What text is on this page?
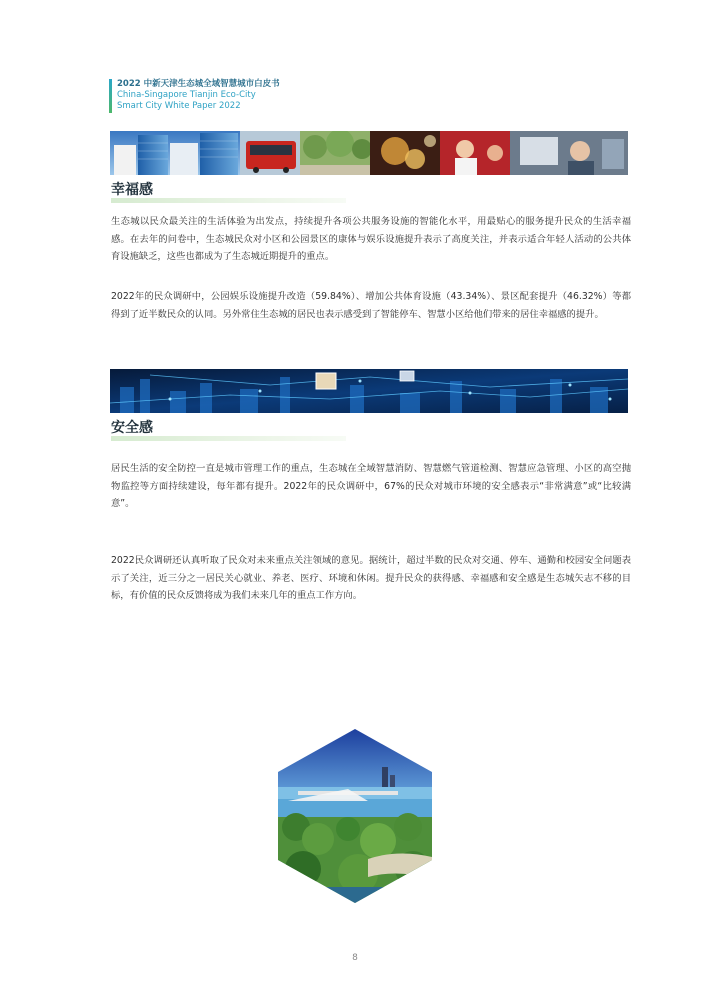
2022 中新天津生态城全域智慧城市白皮书
China-Singapore Tianjin Eco-City
Smart City White Paper 2022
幸福感

生态城以民众最关注的生活体验为出发点，持续提升各项公共服务设施的智能化水平，用最贴心的服务提升民众的生活幸福感。在去年的问卷中，生态城民众对小区和公园景区的康体与娱乐设施提升表示了高度关注，并表示适合年轻人活动的公共体育设施缺乏，这些也都成为了生态城近期提升的重点。

2022年的民众调研中，公园娱乐设施提升改造（59.84%）、增加公共体育设施（43.34%）、景区配套提升（46.32%）等都得到了近半数民众的认同。另外常住生态城的居民也表示感受到了智能停车、智慧小区给他们带来的居住幸福感的提升。

安全感

居民生活的安全防控一直是城市管理工作的重点，生态城在全域智慧消防、智慧燃气管道检测、智慧应急管理、小区的高空抛物监控等方面持续建设，每年都有提升。2022年的民众调研中，67%的民众对城市环境的安全感表示“非常满意”或“比较满意”。

2022民众调研还认真听取了民众对未来重点关注领域的意见。据统计，超过半数的民众对交通、停车、通勤和校园安全问题表示了关注，近三分之一居民关心就业、养老、医疗、环境和休闲。提升民众的获得感、幸福感和安全感是生态城矢志不移的目标，有价值的民众反馈将成为我们未来几年的重点工作方向。

8
